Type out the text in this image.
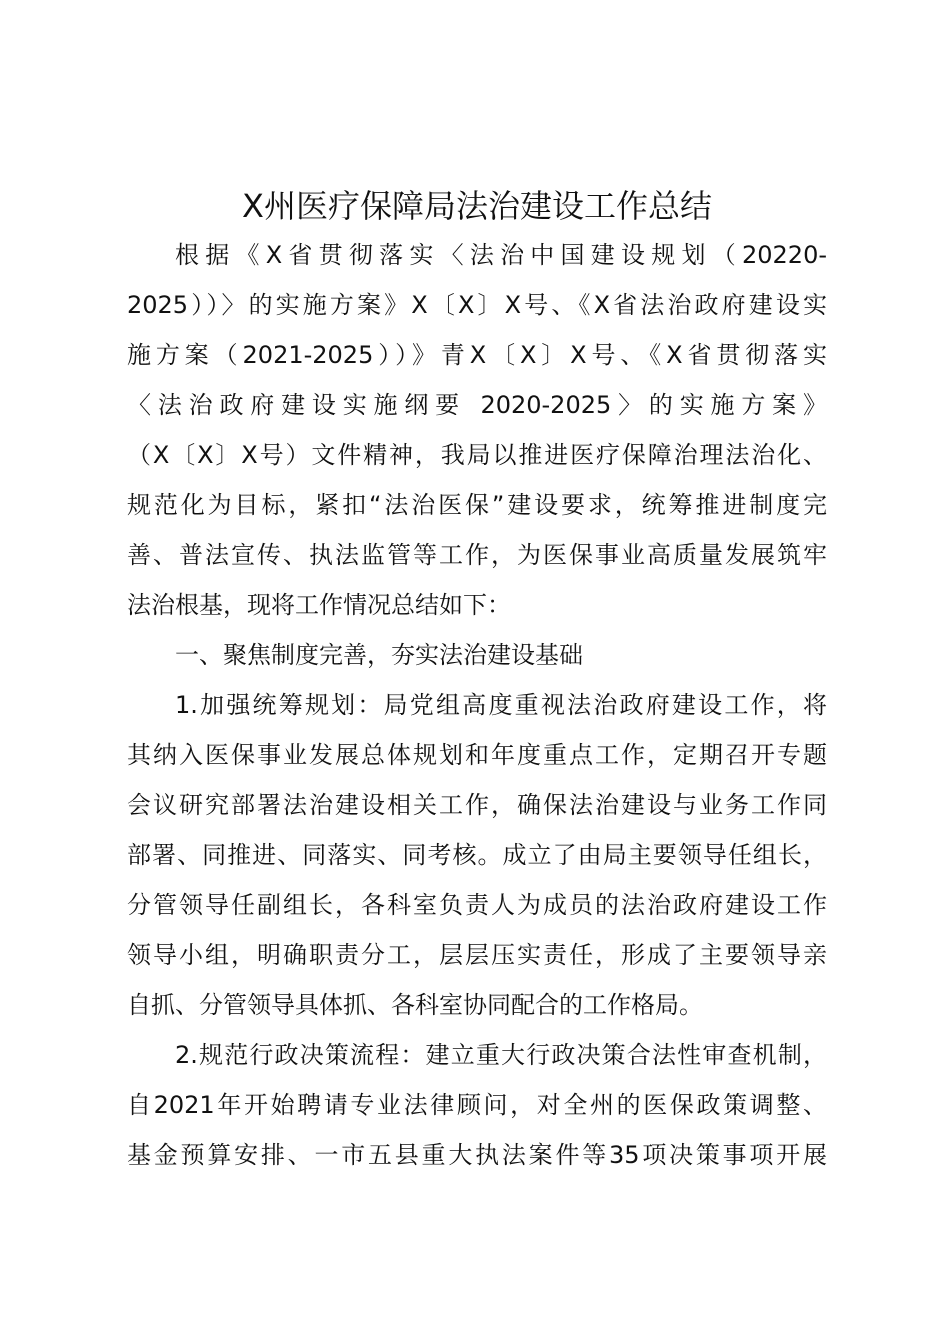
X州医疗保障局法治建设工作总结

根据《X省贯彻落实〈法治中国建设规划（20220-
2025））〉的实施方案》X〔X〕X号、《X省法治政府建设实
施方案（2021-2025））》青X〔X〕X号、《X省贯彻落实
〈法治政府建设实施纲要 2020-2025〉的实施方案》
（X〔X〕X号）文件精神，我局以推进医疗保障治理法治化、
规范化为目标，紧扣“法治医保”建设要求，统筹推进制度完
善、普法宣传、执法监管等工作，为医保事业高质量发展筑牢
法治根基，现将工作情况总结如下：

一、聚焦制度完善，夯实法治建设基础

1.加强统筹规划：局党组高度重视法治政府建设工作，将
其纳入医保事业发展总体规划和年度重点工作，定期召开专题
会议研究部署法治建设相关工作，确保法治建设与业务工作同
部署、同推进、同落实、同考核。成立了由局主要领导任组长，
分管领导任副组长，各科室负责人为成员的法治政府建设工作
领导小组，明确职责分工，层层压实责任，形成了主要领导亲
自抓、分管领导具体抓、各科室协同配合的工作格局。

2.规范行政决策流程：建立重大行政决策合法性审查机制，
自2021年开始聘请专业法律顾问，对全州的医保政策调整、
基金预算安排、一市五县重大执法案件等35项决策事项开展
